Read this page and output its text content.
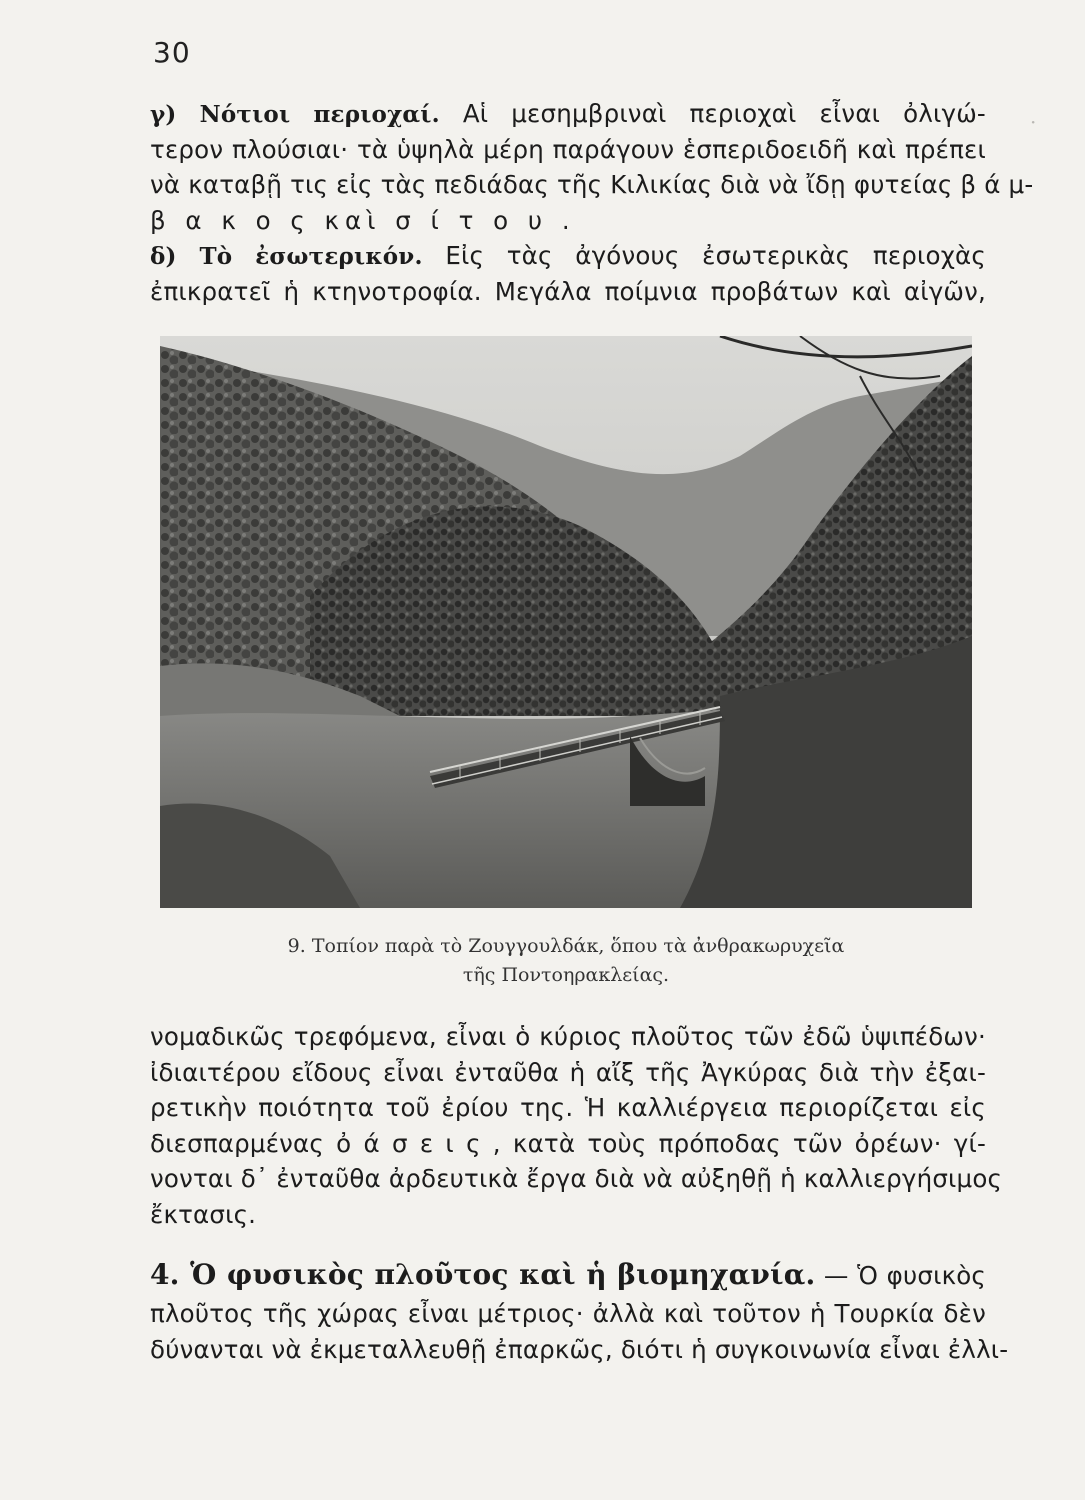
30
·
γ) Νότιοι περιοχαί. Αἱ μεσημβριναὶ περιοχαὶ εἶναι ὀλιγώ-
τερον πλούσιαι· τὰ ὑψηλὰ μέρη παράγουν ἑσπεριδοειδῆ καὶ πρέπει
νὰ καταβῇ τις εἰς τὰς πεδιάδας τῆς Κιλικίας διὰ νὰ ἴδῃ φυτείας β ά μ-
β α κ ο ς καὶ σ ί τ ο υ .
δ) Τὸ ἐσωτερικόν. Εἰς τὰς ἀγόνους ἐσωτερικὰς περιοχὰς
ἐπικρατεῖ ἡ κτηνοτροφία. Μεγάλα ποίμνια προβάτων καὶ αἰγῶν,
9. Τοπίον παρὰ τὸ Ζουγγουλδάκ, ὅπου τὰ ἀνθρακωρυχεῖα
τῆς Ποντοηρακλείας.
νομαδικῶς τρεφόμενα, εἶναι ὁ κύριος πλοῦτος τῶν ἐδῶ ὑψιπέδων·
ἰδιαιτέρου εἴδους εἶναι ἐνταῦθα ἡ αἴξ τῆς Ἀγκύρας διὰ τὴν ἐξαι-
ρετικὴν ποιότητα τοῦ ἐρίου της. Ἡ καλλιέργεια περιορίζεται εἰς
διεσπαρμένας ὀ ά σ ε ι ς , κατὰ τοὺς πρόποδας τῶν ὀρέων· γί-
νονται δ᾽ ἐνταῦθα ἀρδευτικὰ ἔργα διὰ νὰ αὐξηθῇ ἡ καλλιεργήσιμος
ἔκτασις.
4. Ὁ φυσικὸς πλοῦτος καὶ ἡ βιομηχανία. — Ὁ φυσικὸς
πλοῦτος τῆς χώρας εἶναι μέτριος· ἀλλὰ καὶ τοῦτον ἡ Τουρκία δὲν
δύνανται νὰ ἐκμεταλλευθῇ ἐπαρκῶς, διότι ἡ συγκοινωνία εἶναι ἐλλι-
